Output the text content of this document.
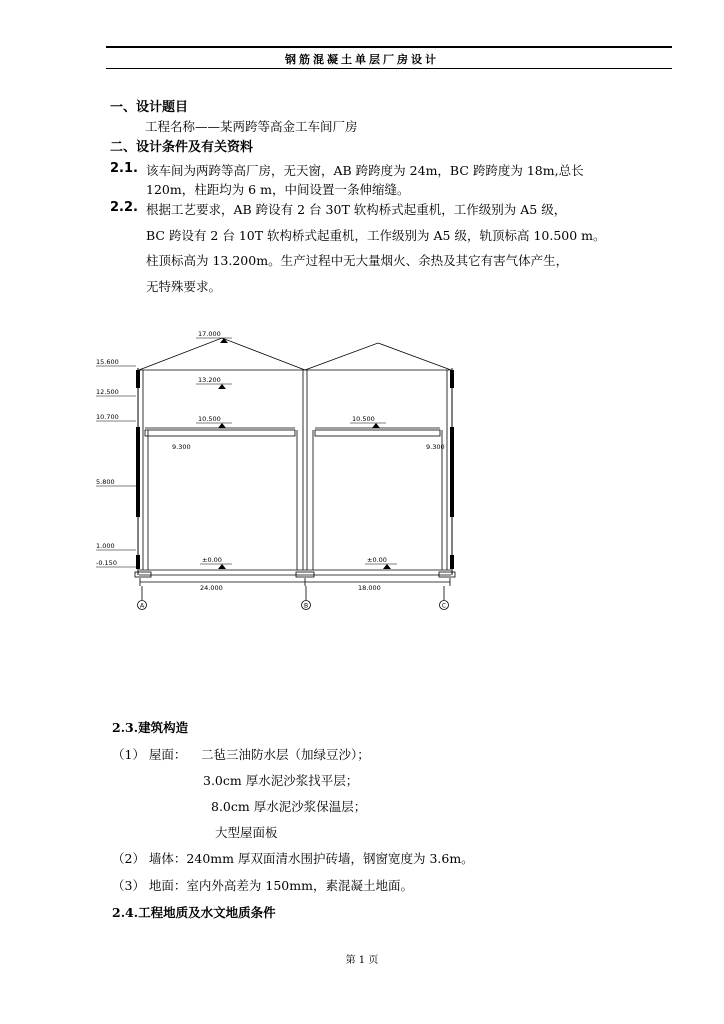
钢筋混凝土单层厂房设计
一、设计题目
工程名称——某两跨等高金工车间厂房
二、设计条件及有关资料
2.1. 该车间为两跨等高厂房，无天窗，AB 跨跨度为 24m，BC 跨跨度为 18m,总长
120m，柱距均为 6 m，中间设置一条伸缩缝。
2.2. 根据工艺要求，AB 跨设有 2 台 30T 软构桥式起重机，工作级别为 A5 级，
BC 跨设有 2 台 10T 软构桥式起重机，工作级别为 A5 级，轨顶标高 10.500 m。
柱顶标高为 13.200m。生产过程中无大量烟火、余热及其它有害气体产生，
无特殊要求。
17.000
15.600
12.500
10.700
5.800
1.000
-0.150
13.200
10.500	10.500
9.300	9.300
±0.00	±0.00
24.000	18.000
A	B	C
2.3.建筑构造
（1） 屋面： 二毡三油防水层（加绿豆沙）；
3.0cm 厚水泥沙浆找平层；
8.0cm 厚水泥沙浆保温层；
大型屋面板
（2） 墙体：240mm 厚双面清水围护砖墙，钢窗宽度为 3.6m。
（3） 地面：室内外高差为 150mm，素混凝土地面。
2.4.工程地质及水文地质条件
第 1 页
